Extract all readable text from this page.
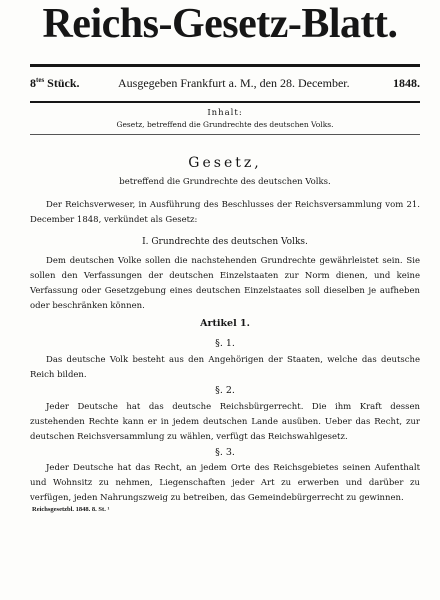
Reichs-Gesetz-Blatt.
$8^{tes}$ Stück.	Ausgegeben Frankfurt a. M., den 28. December.	1848.
Inhalt:
Gesetz, betreffend die Grundrechte des deutschen Volks.
Gesetz,
betreffend die Grundrechte des deutschen Volks.

Der Reichsverweser, in Ausführung des Beschlusses der Reichsversammlung vom 21. December 1848, verkündet als Gesetz:

I. Grundrechte des deutschen Volks.

Dem deutschen Volke sollen die nachstehenden Grundrechte gewährleistet sein. Sie sollen den Verfassungen der deutschen Einzelstaaten zur Norm dienen, und keine Verfassung oder Gesetzgebung eines deutschen Einzelstaates soll dieselben je aufheben oder beschränken können.

Artikel 1.
§. 1.

Das deutsche Volk besteht aus den Angehörigen der Staaten, welche das deutsche Reich bilden.

§. 2.

Jeder Deutsche hat das deutsche Reichsbürgerrecht. Die ihm Kraft dessen zustehenden Rechte kann er in jedem deutschen Lande ausüben. Ueber das Recht, zur deutschen Reichsversammlung zu wählen, verfügt das Reichswahlgesetz.

§. 3.

Jeder Deutsche hat das Recht, an jedem Orte des Reichsgebietes seinen Aufenthalt und Wohnsitz zu nehmen, Liegenschaften jeder Art zu erwerben und darüber zu verfügen, jeden Nahrungszweig zu betreiben, das Gemeindebürgerrecht zu gewinnen.

Reichsgesetzbl. 1848. 8. St. ¹
